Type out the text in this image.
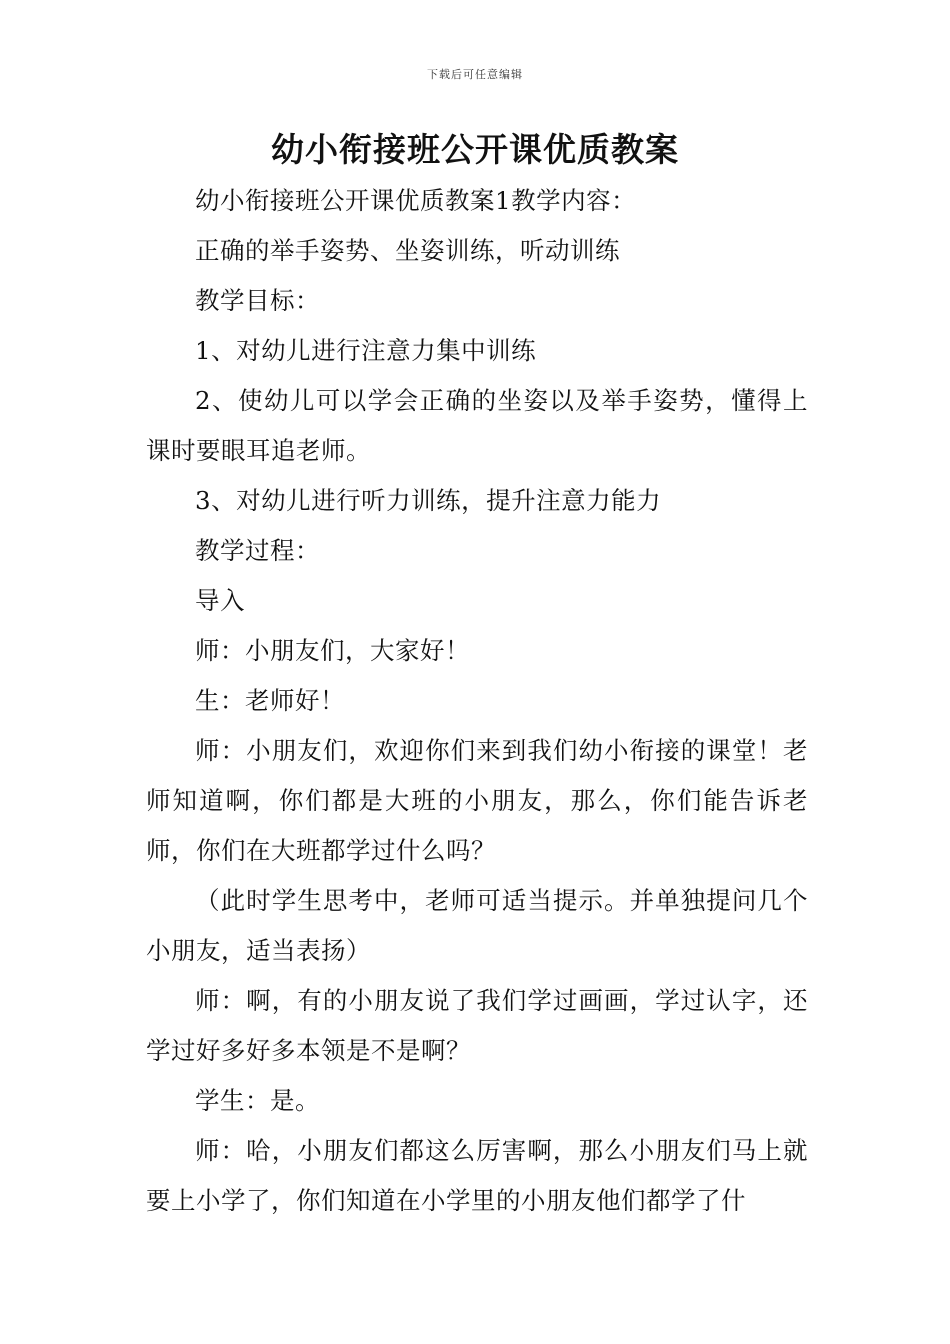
下载后可任意编辑
幼小衔接班公开课优质教案

幼小衔接班公开课优质教案1教学内容：

正确的举手姿势、坐姿训练，听动训练

教学目标：

1、对幼儿进行注意力集中训练

2、使幼儿可以学会正确的坐姿以及举手姿势，懂得上课时要眼耳追老师。

3、对幼儿进行听力训练，提升注意力能力

教学过程：

导入

师：小朋友们，大家好！

生：老师好！

师：小朋友们，欢迎你们来到我们幼小衔接的课堂！老师知道啊，你们都是大班的小朋友，那么，你们能告诉老师，你们在大班都学过什么吗？

（此时学生思考中，老师可适当提示。并单独提问几个小朋友，适当表扬）

师：啊，有的小朋友说了我们学过画画，学过认字，还学过好多好多本领是不是啊？

学生：是。

师：哈，小朋友们都这么厉害啊，那么小朋友们马上就要上小学了，你们知道在小学里的小朋友他们都学了什
